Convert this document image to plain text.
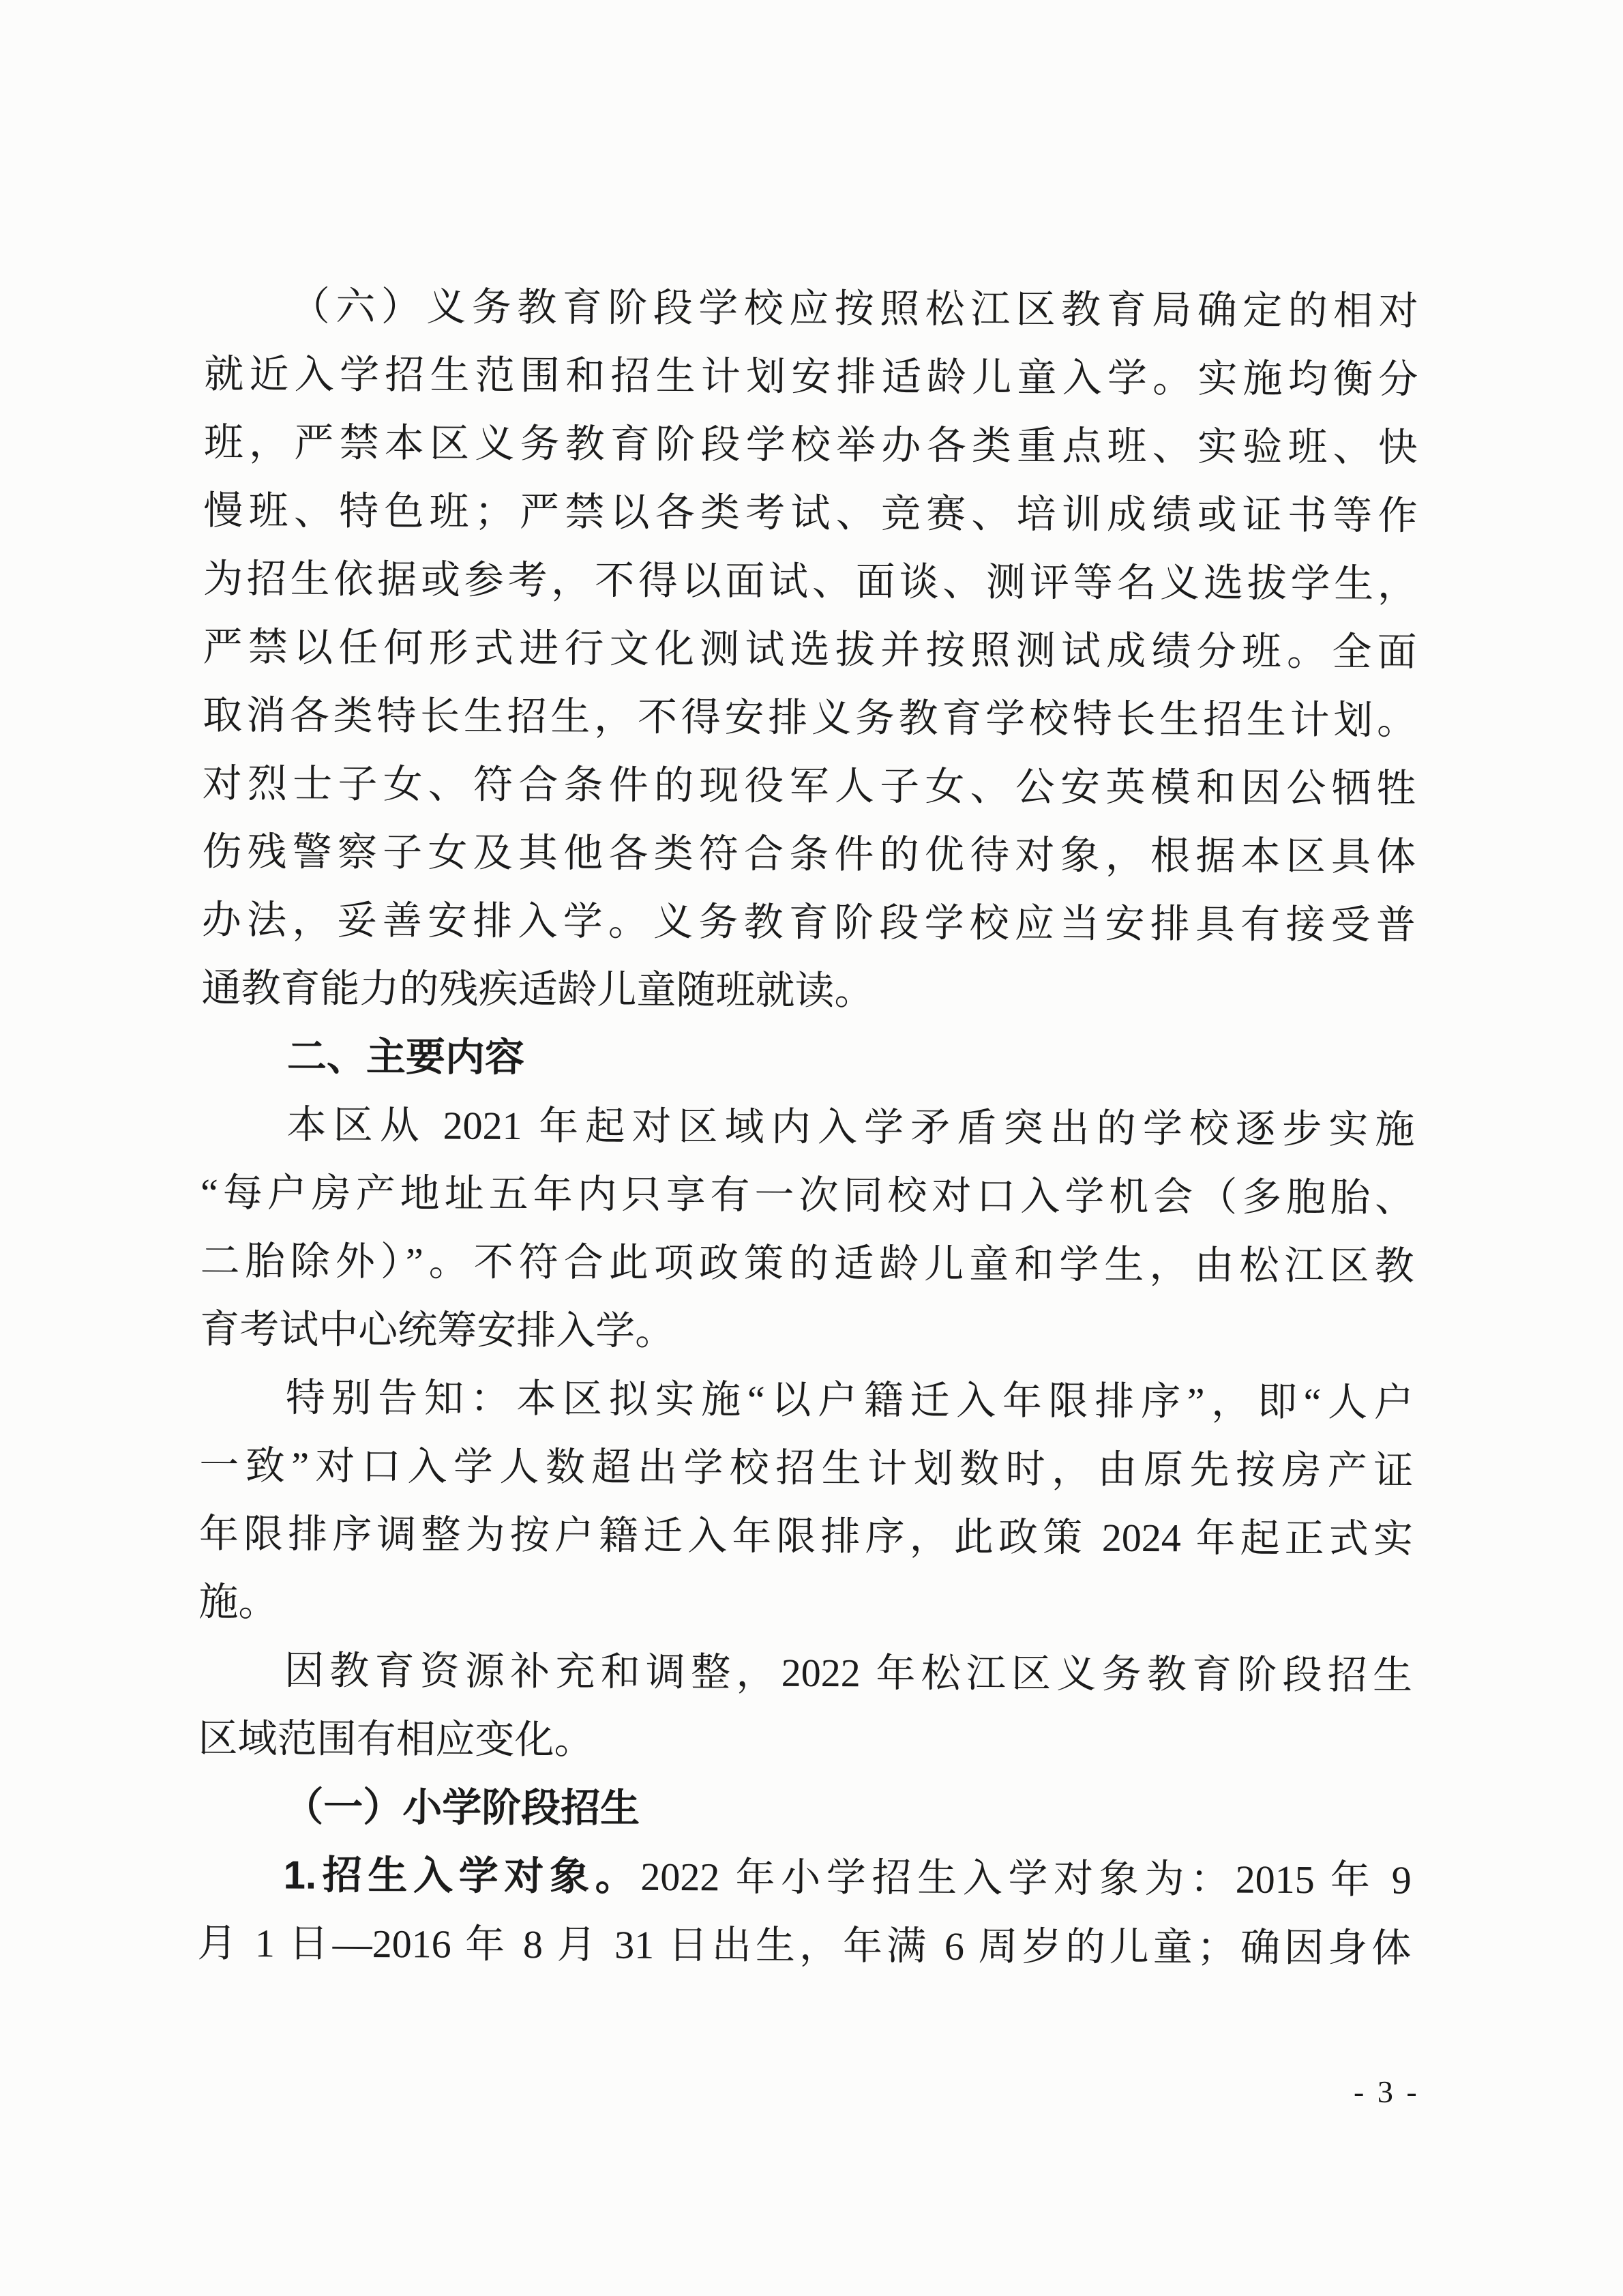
（六）义务教育阶段学校应按照松江区教育局确定的相对
就近入学招生范围和招生计划安排适龄儿童入学。实施均衡分
班，严禁本区义务教育阶段学校举办各类重点班、实验班、快
慢班、特色班；严禁以各类考试、竞赛、培训成绩或证书等作
为招生依据或参考，不得以面试、面谈、测评等名义选拔学生，
严禁以任何形式进行文化测试选拔并按照测试成绩分班。全面
取消各类特长生招生，不得安排义务教育学校特长生招生计划。
对烈士子女、符合条件的现役军人子女、公安英模和因公牺牲
伤残警察子女及其他各类符合条件的优待对象，根据本区具体
办法，妥善安排入学。义务教育阶段学校应当安排具有接受普
通教育能力的残疾适龄儿童随班就读。
二、主要内容
本区从 2021 年起对区域内入学矛盾突出的学校逐步实施
“每户房产地址五年内只享有一次同校对口入学机会（多胞胎、
二胎除外）”。不符合此项政策的适龄儿童和学生，由松江区教
育考试中心统筹安排入学。
特别告知：本区拟实施“以户籍迁入年限排序”，即“人户
一致”对口入学人数超出学校招生计划数时，由原先按房产证
年限排序调整为按户籍迁入年限排序，此政策 2024 年起正式实
施。
因教育资源补充和调整，2022 年松江区义务教育阶段招生
区域范围有相应变化。
（一）小学阶段招生
1.招生入学对象。2022 年小学招生入学对象为：2015 年 9
月 1 日—2016 年 8 月 31 日出生，年满 6 周岁的儿童；确因身体
- 3 -
